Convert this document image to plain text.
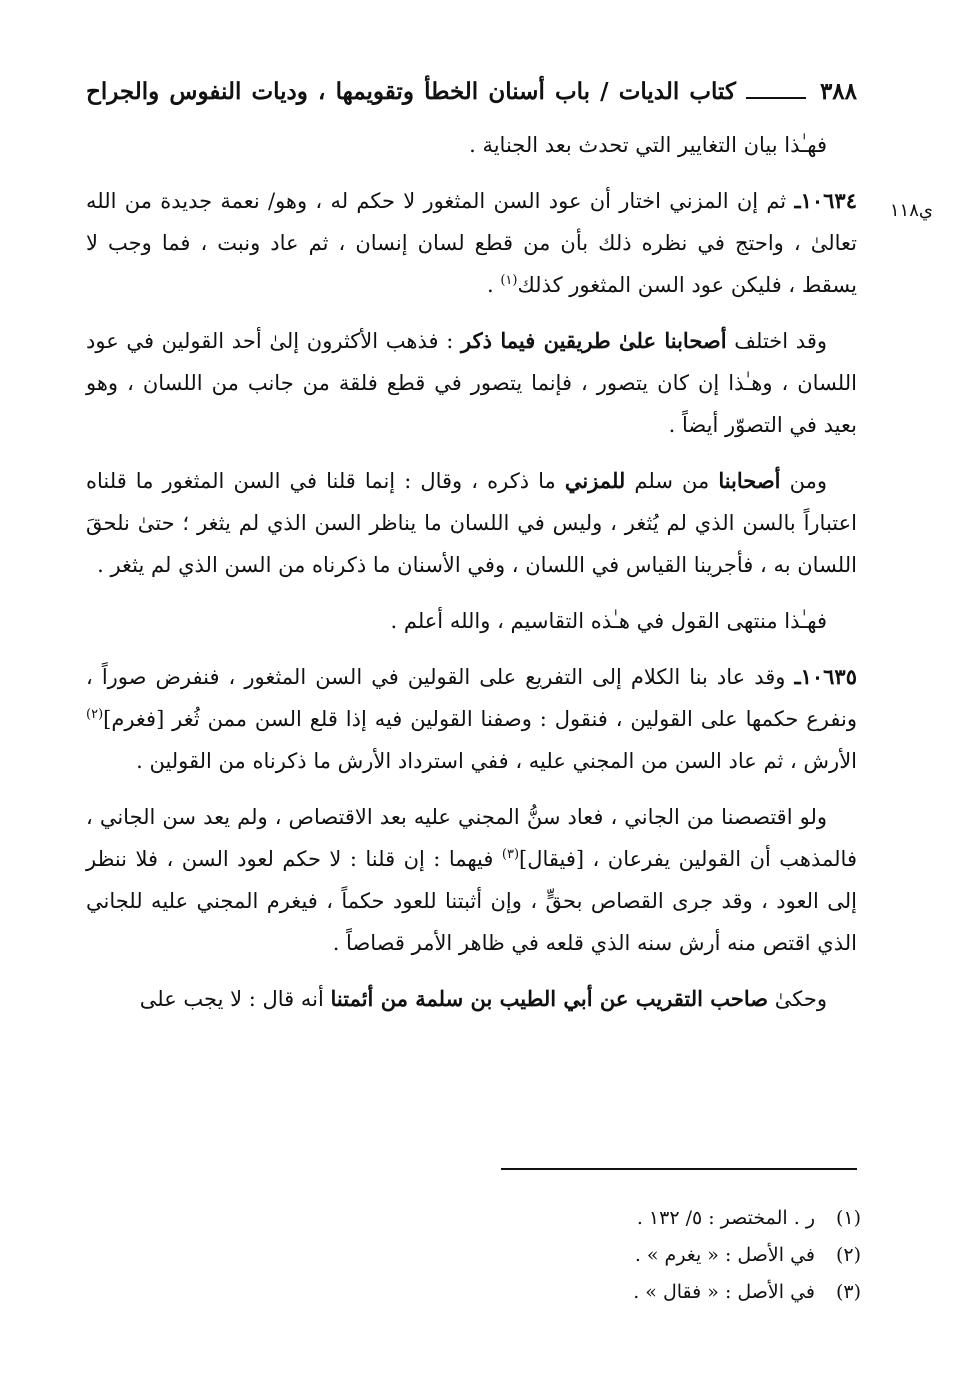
٣٨٨
كتاب الديات / باب أسنان الخطأ وتقويمها ، وديات النفوس والجراح
ي١١٨

فهـٰذا بيان التغايير التي تحدث بعد الجناية .

١٠٦٣٤ـ ثم إن المزني اختار أن عود السن المثغور لا حكم له ، وهو/ نعمة جديدة من الله تعالىٰ ، واحتج في نظره ذلك بأن من قطع لسان إنسان ، ثم عاد ونبت ، فما وجب لا يسقط ، فليكن عود السن المثغور كذلك$^{(١)}$ .

وقد اختلف أصحابنا علىٰ طريقين فيما ذكر : فذهب الأكثرون إلىٰ أحد القولين في عود اللسان ، وهـٰذا إن كان يتصور ، فإنما يتصور في قطع فلقة من جانب من اللسان ، وهو بعيد في التصوّر أيضاً .

ومن أصحابنا من سلم للمزني ما ذكره ، وقال : إنما قلنا في السن المثغور ما قلناه اعتباراً بالسن الذي لم يُثغر ، وليس في اللسان ما يناظر السن الذي لم يثغر ؛ حتىٰ نلحقَ اللسان به ، فأجرينا القياس في اللسان ، وفي الأسنان ما ذكرناه من السن الذي لم يثغر .

فهـٰذا منتهى القول في هـٰذه التقاسيم ، والله أعلم .

١٠٦٣٥ـ وقد عاد بنا الكلام إلى التفريع على القولين في السن المثغور ، فنفرض صوراً ، ونفرع حكمها على القولين ، فنقول : وصفنا القولين فيه إذا قلع السن ممن ثُغر [فغرم]$^{(٢)}$ الأرش ، ثم عاد السن من المجني عليه ، ففي استرداد الأرش ما ذكرناه من القولين .

ولو اقتصصنا من الجاني ، فعاد سنُّ المجني عليه بعد الاقتصاص ، ولم يعد سن الجاني ، فالمذهب أن القولين يفرعان ، [فيقال]$^{(٣)}$ فيهما : إن قلنا : لا حكم لعود السن ، فلا ننظر إلى العود ، وقد جرى القصاص بحقٍّ ، وإن أثبتنا للعود حكماً ، فيغرم المجني عليه للجاني الذي اقتص منه أرش سنه الذي قلعه في ظاهر الأمر قصاصاً .

وحكىٰ صاحب التقريب عن أبي الطيب بن سلمة من أئمتنا أنه قال : لا يجب على

(١)
ر . المختصر : ٥/ ١٣٢ .
(٢)
في الأصل : « يغرم » .
(٣)
في الأصل : « فقال » .
